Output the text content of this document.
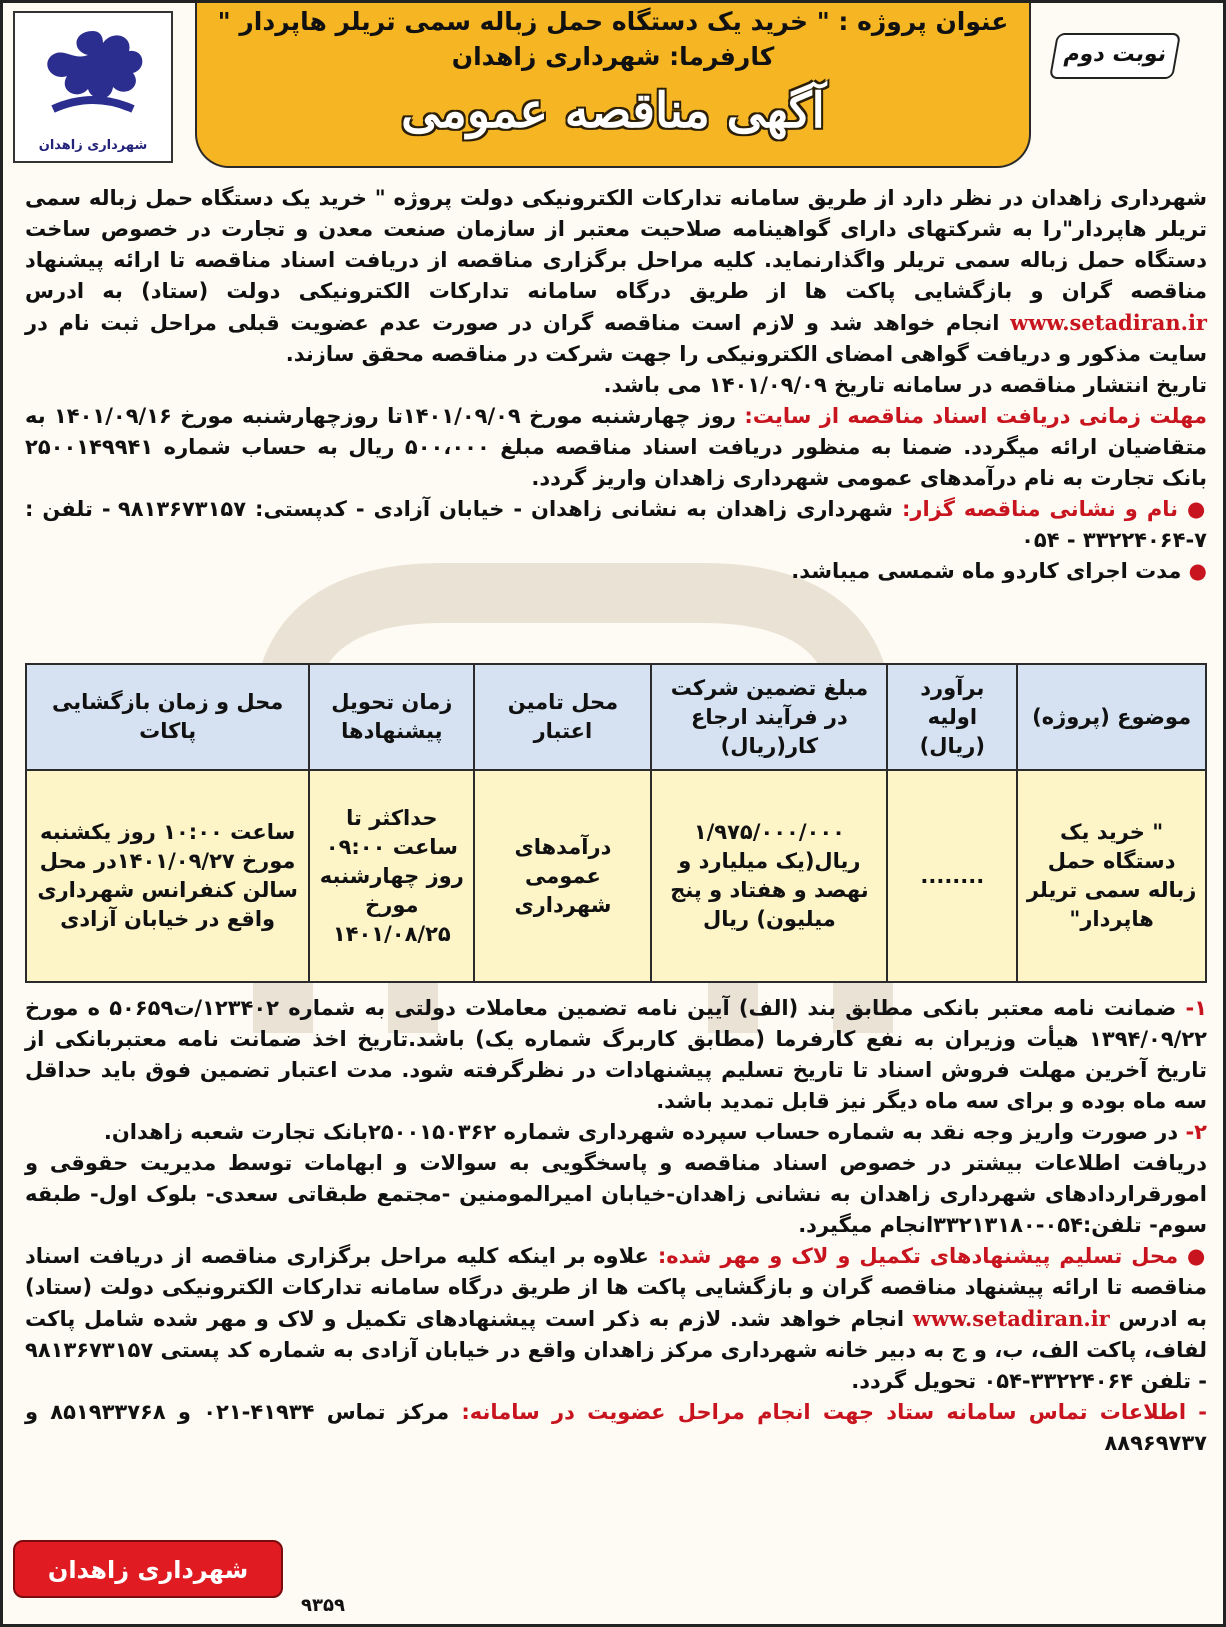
شهرداری زاهدان
عنوان پروژه : " خرید یک دستگاه حمل زباله سمی تریلر هاپردار "
کارفرما: شهرداری زاهدان
آگهی مناقصه عمومی
نوبت دوم

شهرداری زاهدان در نظر دارد از طریق سامانه تدارکات الکترونیکی دولت پروژه " خرید یک دستگاه حمل زباله سمی تریلر هاپردار"را به شرکتهای دارای گواهینامه صلاحیت معتبر از سازمان صنعت معدن و تجارت در خصوص ساخت دستگاه حمل زباله سمی تریلر واگذارنماید. کلیه مراحل برگزاری مناقصه از دریافت اسناد مناقصه تا ارائه پیشنهاد مناقصه گران و بازگشایی پاکت ها از طریق درگاه سامانه تدارکات الکترونیکی دولت (ستاد) به ادرس www.setadiran.ir انجام خواهد شد و لازم است مناقصه گران در صورت عدم عضویت قبلی مراحل ثبت نام در سایت مذکور و دریافت گواهی امضای الکترونیکی را جهت شرکت در مناقصه محقق سازند.

تاریخ انتشار مناقصه در سامانه تاریخ ۱۴۰۱/۰۹/۰۹ می باشد.

مهلت زمانی دریافت اسناد مناقصه از سایت: روز چهارشنبه مورخ ۱۴۰۱/۰۹/۰۹تا روزچهارشنبه مورخ ۱۴۰۱/۰۹/۱۶ به متقاضیان ارائه میگردد. ضمنا به منظور دریافت اسناد مناقصه مبلغ ۵۰۰،۰۰۰ ریال به حساب شماره ۲۵۰۰۱۴۹۹۴۱ بانک تجارت به نام درآمدهای عمومی شهرداری زاهدان واریز گردد.

● نام و نشانی مناقصه گزار: شهرداری زاهدان به نشانی زاهدان - خیابان آزادی - کدپستی: ۹۸۱۳۶۷۳۱۵۷ - تلفن : ۷-۳۳۲۲۴۰۶۴ - ۰۵۴

● مدت اجرای کاردو ماه شمسی میباشد.

موضوع (پروژه)	برآورد اولیه (ریال)	مبلغ تضمین شرکت در فرآیند ارجاع کار(ریال)	محل تامین اعتبار	زمان تحویل پیشنهادها	محل و زمان بازگشایی پاکات
" خرید یک دستگاه حمل زباله سمی تریلر هاپردار"	........	۱/۹۷۵/۰۰۰/۰۰۰ ریال(یک میلیارد و نهصد و هفتاد و پنج میلیون) ریال	درآمدهای عمومی شهرداری	حداکثر تا ساعت ۰۹:۰۰ روز چهارشنبه مورخ ۱۴۰۱/۰۸/۲۵	ساعت ۱۰:۰۰ روز یکشنبه مورخ ۱۴۰۱/۰۹/۲۷در محل سالن کنفرانس شهرداری واقع در خیابان آزادی

۱- ضمانت نامه معتبر بانکی مطابق بند (الف) آیین نامه تضمین معاملات دولتی به شماره ۱۲۳۴۰۲/ت۵۰۶۵۹ ه مورخ ۱۳۹۴/۰۹/۲۲ هیأت وزیران به نفع کارفرما (مطابق کاربرگ شماره یک) باشد.تاریخ اخذ ضمانت نامه معتبربانکی از تاریخ آخرین مهلت فروش اسناد تا تاریخ تسلیم پیشنهادات در نظرگرفته شود. مدت اعتبار تضمین فوق باید حداقل سه ماه بوده و برای سه ماه دیگر نیز قابل تمدید باشد.

۲- در صورت واریز وجه نقد به شماره حساب سپرده شهرداری شماره ۲۵۰۰۱۵۰۳۶۲بانک تجارت شعبه زاهدان.

دریافت اطلاعات بیشتر در خصوص اسناد مناقصه و پاسخگویی به سوالات و ابهامات توسط مدیریت حقوقی و امورقراردادهای شهرداری زاهدان به نشانی زاهدان-خیابان امیرالمومنین -مجتمع طبقاتی سعدی- بلوک اول- طبقه سوم- تلفن:۰۵۴-۳۳۲۱۳۱۸۰انجام میگیرد.

● محل تسلیم پیشنهادهای تکمیل و لاک و مهر شده: علاوه بر اینکه کلیه مراحل برگزاری مناقصه از دریافت اسناد مناقصه تا ارائه پیشنهاد مناقصه گران و بازگشایی پاکت ها از طریق درگاه سامانه تدارکات الکترونیکی دولت (ستاد) به ادرس www.setadiran.ir انجام خواهد شد. لازم به ذکر است پیشنهادهای تکمیل و لاک و مهر شده شامل پاکت لفاف، پاکت الف، ب، و ج به دبیر خانه شهرداری مرکز زاهدان واقع در خیابان آزادی به شماره کد پستی ۹۸۱۳۶۷۳۱۵۷ - تلفن ۳۳۲۲۴۰۶۴-۰۵۴ تحویل گردد.

- اطلاعات تماس سامانه ستاد جهت انجام مراحل عضویت در سامانه: مرکز تماس ۴۱۹۳۴-۰۲۱ و ۸۵۱۹۳۳۷۶۸ و ۸۸۹۶۹۷۳۷

شهرداری زاهدان
۹۳۵۹
